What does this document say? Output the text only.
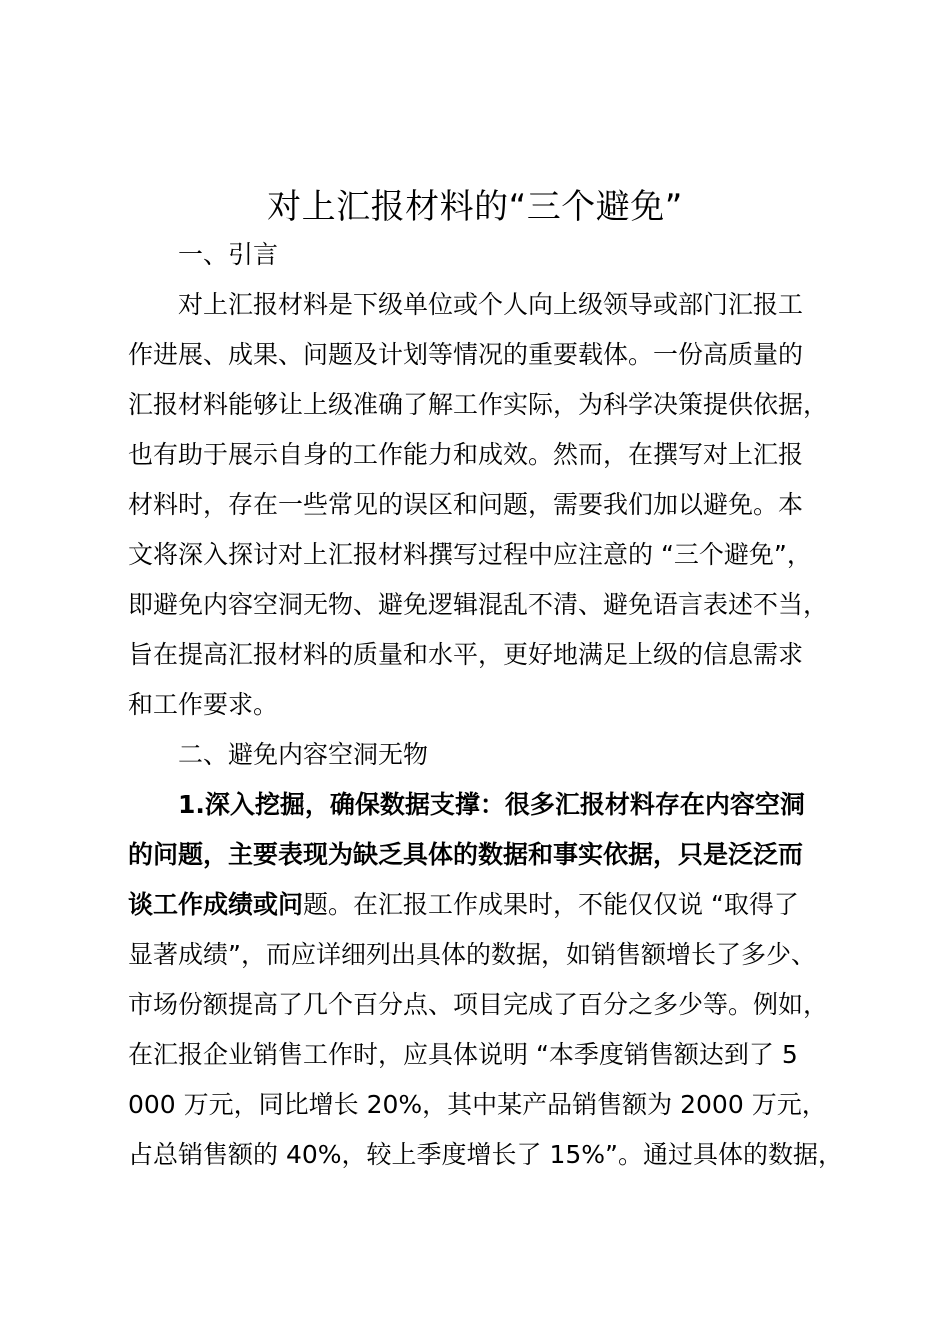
对上汇报材料的“三个避免”
一、引言
对上汇报材料是下级单位或个人向上级领导或部门汇报工
作进展、成果、问题及计划等情况的重要载体。一份高质量的
汇报材料能够让上级准确了解工作实际，为科学决策提供依据，
也有助于展示自身的工作能力和成效。然而，在撰写对上汇报
材料时，存在一些常见的误区和问题，需要我们加以避免。本
文将深入探讨对上汇报材料撰写过程中应注意的 “三个避免”，
即避免内容空洞无物、避免逻辑混乱不清、避免语言表述不当，
旨在提高汇报材料的质量和水平，更好地满足上级的信息需求
和工作要求。
二、避免内容空洞无物
1.深入挖掘，确保数据支撑：很多汇报材料存在内容空洞
的问题，主要表现为缺乏具体的数据和事实依据，只是泛泛而
谈工作成绩或问 题。在汇报工作成果时，不能仅仅说 “取得了
显著成绩”，而应详细列出具体的数据，如销售额增长了多少、
市场份额提高了几个百分点、项目完成了百分之多少等。例如，
在汇报企业销售工作时，应具体说明 “本季度销售额达到了 5
000 万元，同比增长 20%，其中某产品销售额为 2000 万元，
占总销售额的 40%，较上季度增长了 15%”。通过具体的数据，
